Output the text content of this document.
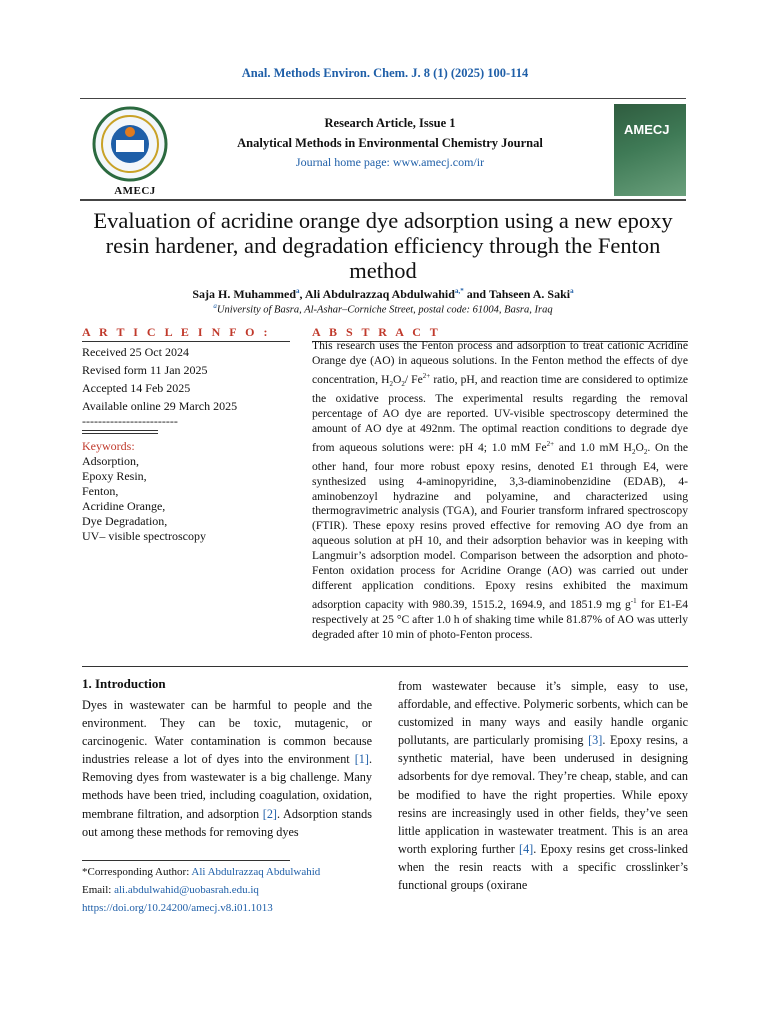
Anal. Methods Environ. Chem. J. 8 (1) (2025) 100-114
AMECJ
Research Article, Issue 1
Analytical Methods in Environmental Chemistry Journal
Journal home page: www.amecj.com/ir
AMECJ
Evaluation of acridine orange dye adsorption using a new epoxy resin hardener, and degradation efficiency through the Fenton method
Saja H. Muhammed$^a$, Ali Abdulrazzaq Abdulwahid$^{a,*}$ and Tahseen A. Saki$^a$
$^a$University of Basra, Al-Ashar–Corniche Street, postal code: 61004, Basra, Iraq
A R T I C L E I N F O :	A B S T R A C T
Received 25 Oct 2024
Revised form 11 Jan 2025
Accepted 14 Feb 2025
Available online 29 March 2025
------------------------
Keywords:
Adsorption,
Epoxy Resin,
Fenton,
Acridine Orange,
Dye Degradation,
UV– visible spectroscopy
This research uses the Fenton process and adsorption to treat cationic Acridine Orange dye (AO) in aqueous solutions. In the Fenton method the effects of dye concentration, $H_2O_2/$ $Fe^{2+}$ ratio, pH, and reaction time are considered to optimize the oxidative process. The experimental results regarding the removal percentage of AO dye are reported. UV-visible spectroscopy determined the amount of AO dye at 492nm. The optimal reaction conditions to degrade dye from aqueous solutions were: pH 4; 1.0 mM $Fe^{2+}$ and 1.0 mM $H_2O_2$. On the other hand, four more robust epoxy resins, denoted E1 through E4, were synthesized using 4-aminopyridine, 3,3-diaminobenzidine (EDAB), 4-aminobenzoyl hydrazine and polyamine, and characterized using thermogravimetric analysis (TGA), and Fourier transform infrared spectroscopy (FTIR). These epoxy resins proved effective for removing AO dye from an aqueous solution at pH 10, and their adsorption behavior was in keeping with Langmuir’s adsorption model. Comparison between the adsorption and photo-Fenton oxidation process for Acridine Orange (AO) was carried out under different application conditions. Epoxy resins exhibited the maximum adsorption capacity with 980.39, 1515.2, 1694.9, and 1851.9 mg $g^{-1}$ for E1-E4 respectively at 25 °C after 1.0 h of shaking time while 81.87% of AO was utterly degraded after 10 min of photo-Fenton process.
1. Introduction
Dyes in wastewater can be harmful to people and the environment. They can be toxic, mutagenic, or carcinogenic. Water contamination is common because industries release a lot of dyes into the environment [1]. Removing dyes from wastewater is a big challenge. Many methods have been tried, including coagulation, oxidation, membrane filtration, and adsorption [2]. Adsorption stands out among these methods for removing dyes
from wastewater because it’s simple, easy to use, affordable, and effective. Polymeric sorbents, which can be customized in many ways and easily handle organic pollutants, are particularly promising [3]. Epoxy resins, a synthetic material, have been underused in designing adsorbents for dye removal. They’re cheap, stable, and can be modified to have the right properties. While epoxy resins are increasingly used in other fields, they’ve seen little application in wastewater treatment. This is an area worth exploring further [4]. Epoxy resins get cross-linked when the resin reacts with a specific crosslinker’s functional groups (oxirane
*Corresponding Author: Ali Abdulrazzaq Abdulwahid
Email: ali.abdulwahid@uobasrah.edu.iq
https://doi.org/10.24200/amecj.v8.i01.1013
